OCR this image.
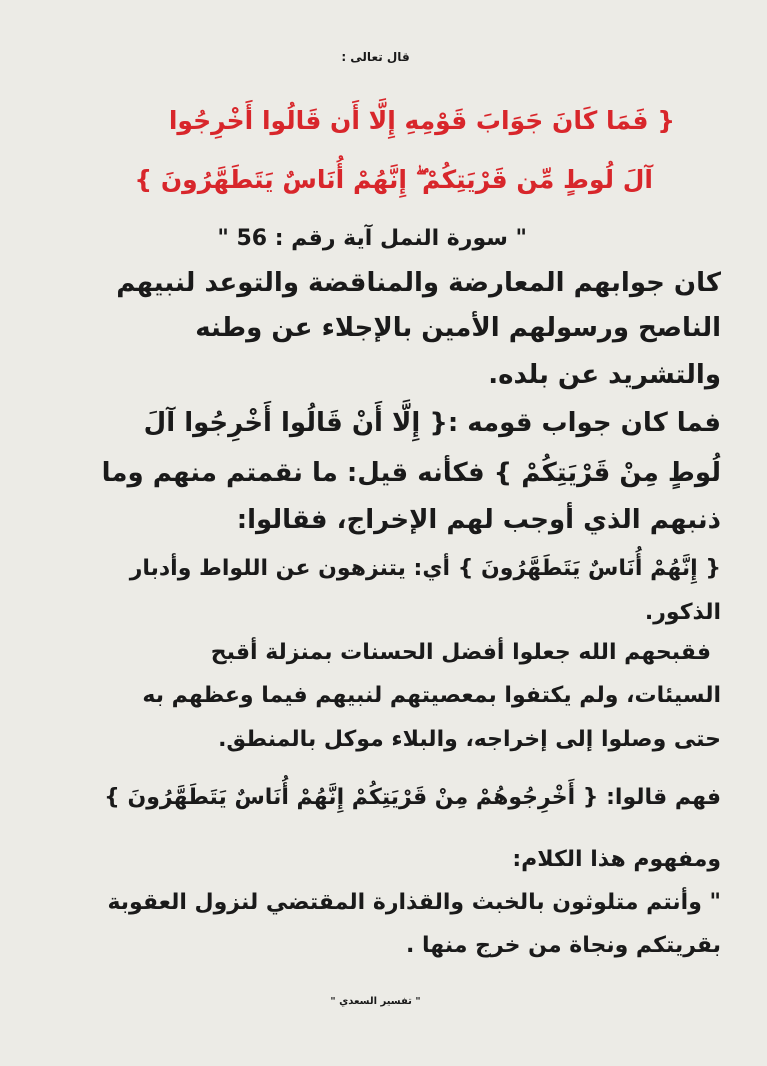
قال تعالى :
{ فَمَا كَانَ جَوَابَ قَوْمِهِ إِلَّا أَن قَالُوا أَخْرِجُوا
آلَ لُوطٍ مِّن قَرْيَتِكُمْ ۖ إِنَّهُمْ أُنَاسٌ يَتَطَهَّرُونَ }
" سورة النمل آية رقم : 56 "
كان جوابهم المعارضة والمناقضة والتوعد لنبيهم
الناصح ورسولهم الأمين بالإجلاء عن وطنه
والتشريد عن بلده.
فما كان جواب قومه :{ إِلَّا أَنْ قَالُوا أَخْرِجُوا آلَ
لُوطٍ مِنْ قَرْيَتِكُمْ } فكأنه قيل: ما نقمتم منهم وما
ذنبهم الذي أوجب لهم الإخراج، فقالوا:
{ إِنَّهُمْ أُنَاسٌ يَتَطَهَّرُونَ } أي: يتنزهون عن اللواط وأدبار
الذكور.
فقبحهم الله جعلوا أفضل الحسنات بمنزلة أقبح
السيئات، ولم يكتفوا بمعصيتهم لنبيهم فيما وعظهم به
حتى وصلوا إلى إخراجه، والبلاء موكل بالمنطق.
فهم قالوا: { أَخْرِجُوهُمْ مِنْ قَرْيَتِكُمْ إِنَّهُمْ أُنَاسٌ يَتَطَهَّرُونَ }
ومفهوم هذا الكلام:
" وأنتم متلوثون بالخبث والقذارة المقتضي لنزول العقوبة
بقريتكم ونجاة من خرج منها .
" تفسير السعدي "
